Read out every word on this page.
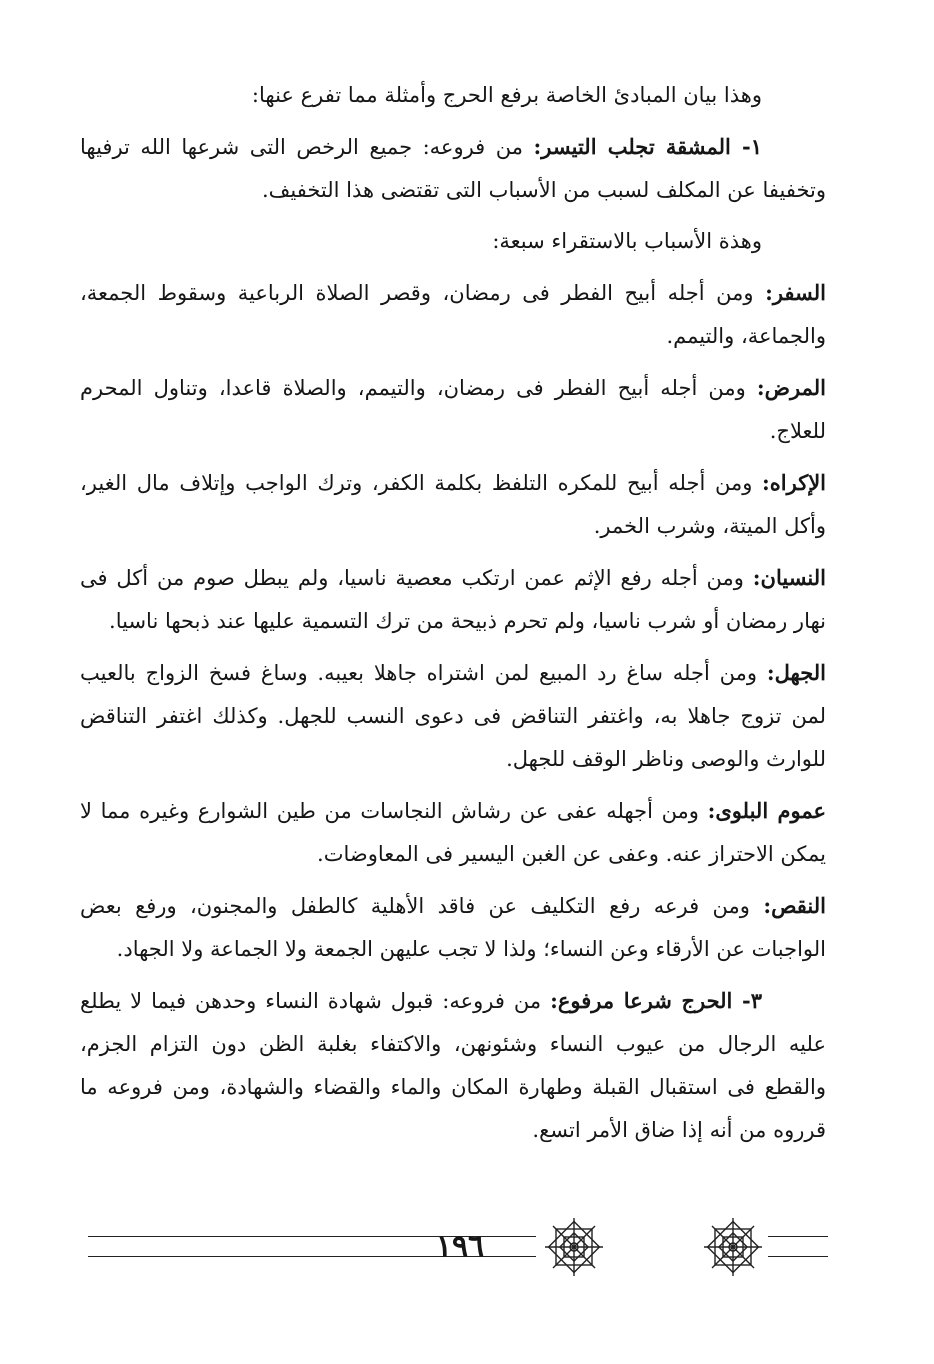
وهذا بيان المبادئ الخاصة برفع الحرج وأمثلة مما تفرع عنها:

١- المشقة تجلب التيسر: من فروعه: جميع الرخص التى شرعها الله ترفيها وتخفيفا عن المكلف لسبب من الأسباب التى تقتضى هذا التخفيف.

وهذة الأسباب بالاستقراء سبعة:

السفر: ومن أجله أبيح الفطر فى رمضان، وقصر الصلاة الرباعية وسقوط الجمعة، والجماعة، والتيمم.

المرض: ومن أجله أبيح الفطر فى رمضان، والتيمم، والصلاة قاعدا، وتناول المحرم للعلاج.

الإكراه: ومن أجله أبيح للمكره التلفظ بكلمة الكفر، وترك الواجب وإتلاف مال الغير، وأكل الميتة، وشرب الخمر.

النسيان: ومن أجله رفع الإثم عمن ارتكب معصية ناسيا، ولم يبطل صوم من أكل فى نهار رمضان أو شرب ناسيا، ولم تحرم ذبيحة من ترك التسمية عليها عند ذبحها ناسيا.

الجهل: ومن أجله ساغ رد المبيع لمن اشتراه جاهلا بعيبه. وساغ فسخ الزواج بالعيب لمن تزوج جاهلا به، واغتفر التناقض فى دعوى النسب للجهل. وكذلك اغتفر التناقض للوارث والوصى وناظر الوقف للجهل.

عموم البلوى: ومن أجهله عفى عن رشاش النجاسات من طين الشوارع وغيره مما لا يمكن الاحتراز عنه. وعفى عن الغبن اليسير فى المعاوضات.

النقص: ومن فرعه رفع التكليف عن فاقد الأهلية كالطفل والمجنون، ورفع بعض الواجبات عن الأرقاء وعن النساء؛ ولذا لا تجب عليهن الجمعة ولا الجماعة ولا الجهاد.

٣- الحرج شرعا مرفوع: من فروعه: قبول شهادة النساء وحدهن فيما لا يطلع عليه الرجال من عيوب النساء وشئونهن، والاكتفاء بغلبة الظن دون التزام الجزم، والقطع فى استقبال القبلة وطهارة المكان والماء والقضاء والشهادة، ومن فروعه ما قرروه من أنه إذا ضاق الأمر اتسع.

١٩٦
